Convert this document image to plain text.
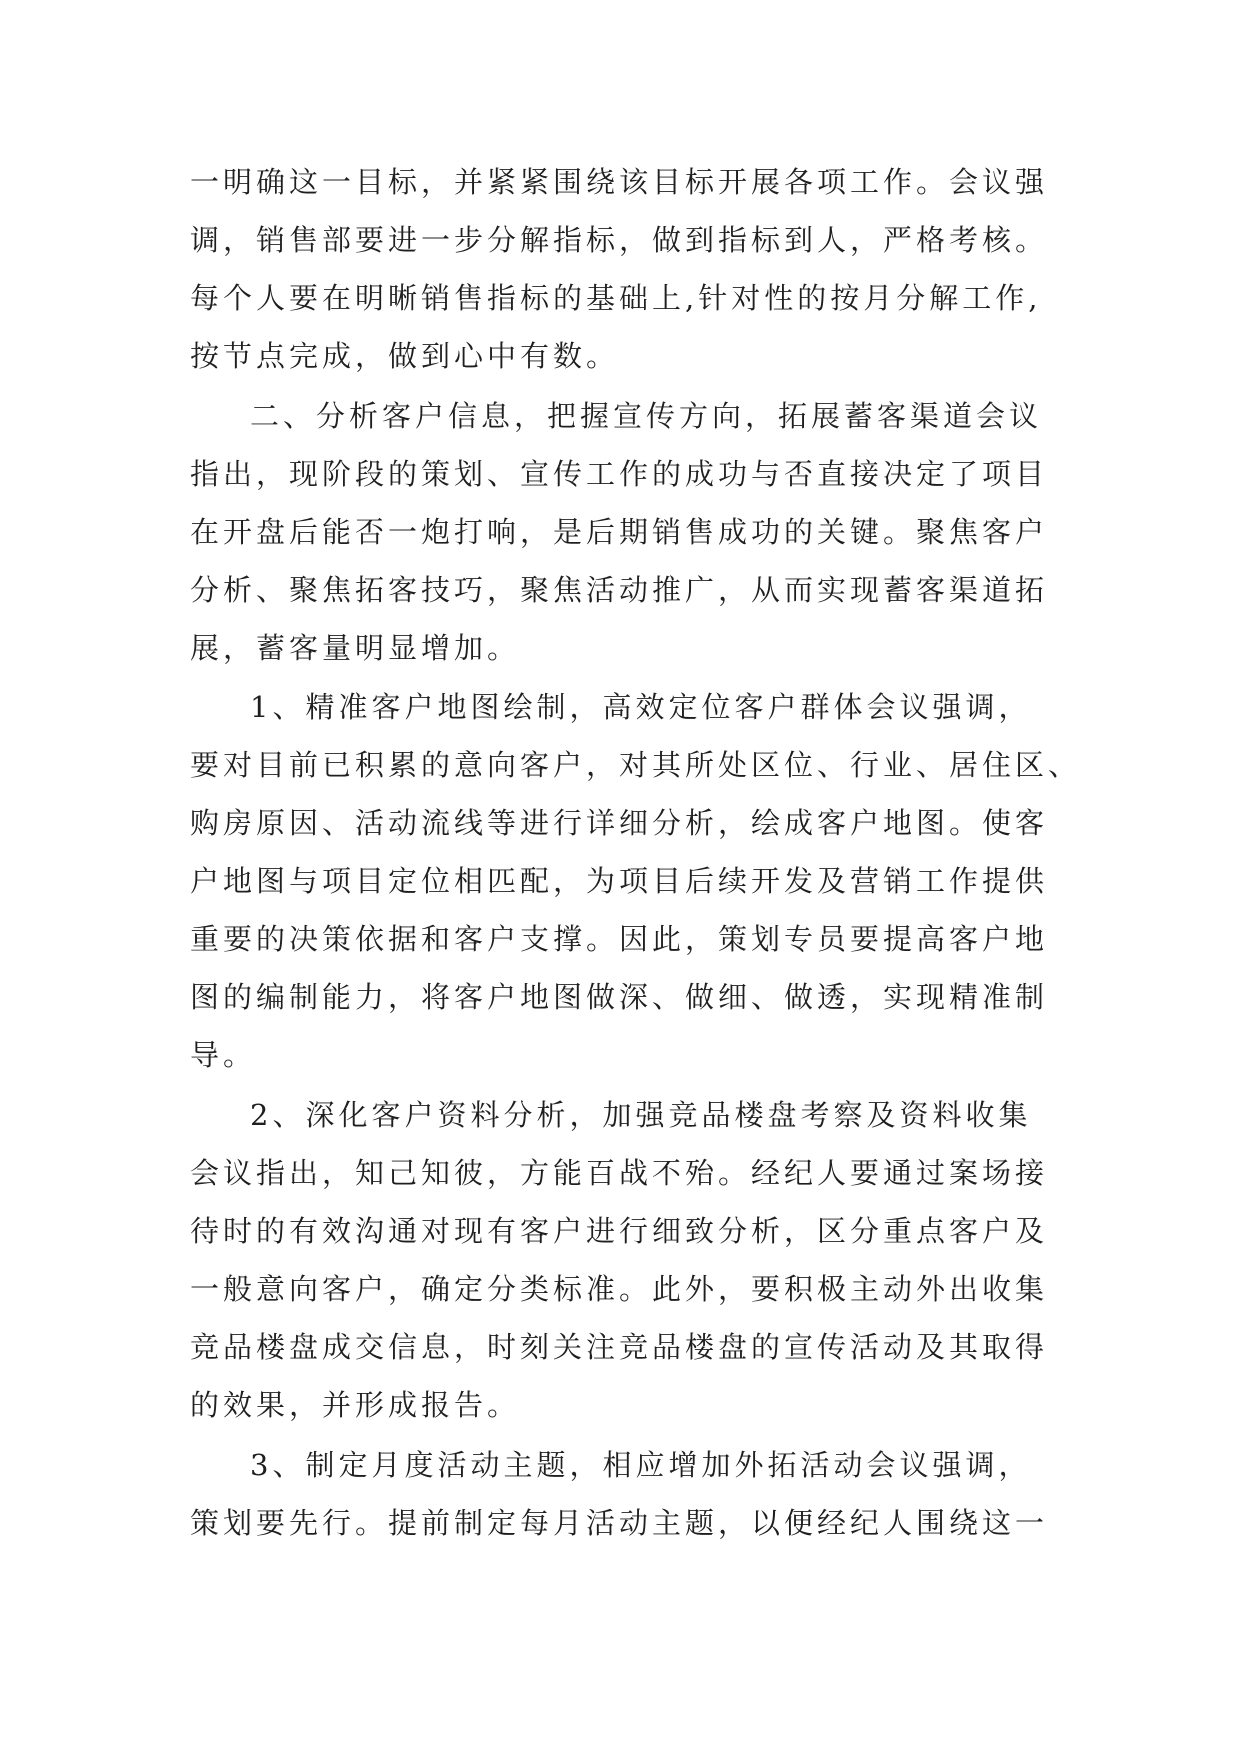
一明确这一目标，并紧紧围绕该目标开展各项工作。会议强
调，销售部要进一步分解指标，做到指标到人，严格考核。
每个人要在明晰销售指标的基础上,针对性的按月分解工作,
按节点完成，做到心中有数。
二、分析客户信息，把握宣传方向，拓展蓄客渠道会议
指出，现阶段的策划、宣传工作的成功与否直接决定了项目
在开盘后能否一炮打响，是后期销售成功的关键。聚焦客户
分析、聚焦拓客技巧，聚焦活动推广，从而实现蓄客渠道拓
展，蓄客量明显增加。
1、精准客户地图绘制，高效定位客户群体会议强调，
要对目前已积累的意向客户，对其所处区位、行业、居住区、
购房原因、活动流线等进行详细分析，绘成客户地图。使客
户地图与项目定位相匹配，为项目后续开发及营销工作提供
重要的决策依据和客户支撑。因此，策划专员要提高客户地
图的编制能力，将客户地图做深、做细、做透，实现精准制
导。
2、深化客户资料分析，加强竞品楼盘考察及资料收集
会议指出，知己知彼，方能百战不殆。经纪人要通过案场接
待时的有效沟通对现有客户进行细致分析，区分重点客户及
一般意向客户，确定分类标准。此外，要积极主动外出收集
竞品楼盘成交信息，时刻关注竞品楼盘的宣传活动及其取得
的效果，并形成报告。
3、制定月度活动主题，相应增加外拓活动会议强调，
策划要先行。提前制定每月活动主题，以便经纪人围绕这一
